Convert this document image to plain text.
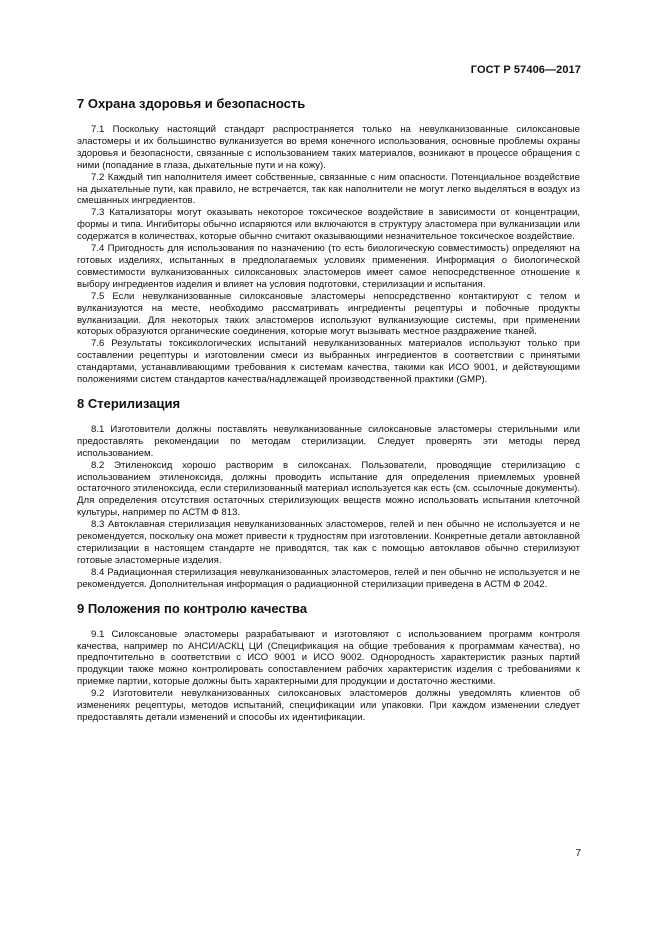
ГОСТ Р 57406—2017
7 Охрана здоровья и безопасность

7.1 Поскольку настоящий стандарт распространяется только на невулканизованные силоксановые эластомеры и их большинство вулканизуется во время конечного использования, основные проблемы охраны здоровья и безопасности, связанные с использованием таких материалов, возникают в процессе обращения с ними (попадание в глаза, дыхательные пути и на кожу).

7.2 Каждый тип наполнителя имеет собственные, связанные с ним опасности. Потенциальное воздействие на дыхательные пути, как правило, не встречается, так как наполнители не могут легко выделяться в воздух из смешанных ингредиентов.

7.3 Катализаторы могут оказывать некоторое токсическое воздействие в зависимости от концентрации, формы и типа. Ингибиторы обычно испаряются или включаются в структуру эластомера при вулканизации или содержатся в количествах, которые обычно считают оказывающими незначительное токсическое воздействие.

7.4 Пригодность для использования по назначению (то есть биологическую совместимость) определяют на готовых изделиях, испытанных в предполагаемых условиях применения. Информация о биологической совместимости вулканизованных силоксановых эластомеров имеет самое непосредственное отношение к выбору ингредиентов изделия и влияет на условия подготовки, стерилизации и испытания.

7.5 Если невулканизованные силоксановые эластомеры непосредственно контактируют с телом и вулканизуются на месте, необходимо рассматривать ингредиенты рецептуры и побочные продукты вулканизации. Для некоторых таких эластомеров используют вулканизующие системы, при применении которых образуются органические соединения, которые могут вызывать местное раздражение тканей.

7.6 Результаты токсикологических испытаний невулканизованных материалов используют только при составлении рецептуры и изготовлении смеси из выбранных ингредиентов в соответствии с принятыми стандартами, устанавливающими требования к системам качества, такими как ИСО 9001, и действующими положениями систем стандартов качества/надлежащей производственной практики (GMP).

8 Стерилизация

8.1 Изготовители должны поставлять невулканизованные силоксановые эластомеры стерильными или предоставлять рекомендации по методам стерилизации. Следует проверять эти методы перед использованием.

8.2 Этиленоксид хорошо растворим в силоксанах. Пользователи, проводящие стерилизацию с использованием этиленоксида, должны проводить испытание для определения приемлемых уровней остаточного этиленоксида, если стерилизованный материал используется как есть (см. ссылочные документы). Для определения отсутствия остаточных стерилизующих веществ можно использовать испытания клеточной культуры, например по АСТМ Ф 813.

8.3 Автоклавная стерилизация невулканизованных эластомеров, гелей и пен обычно не используется и не рекомендуется, поскольку она может привести к трудностям при изготовлении. Конкретные детали автоклавной стерилизации в настоящем стандарте не приводятся, так как с помощью автоклавов обычно стерилизуют готовые эластомерные изделия.

8.4 Радиационная стерилизация невулканизованных эластомеров, гелей и пен обычно не используется и не рекомендуется. Дополнительная информация о радиационной стерилизации приведена в АСТМ Ф 2042.

9 Положения по контролю качества

9.1 Силоксановые эластомеры разрабатывают и изготовляют с использованием программ контроля качества, например по АНСИ/АСКЦ ЦИ (Спецификация на общие требования к программам качества), но предпочтительно в соответствии с ИСО 9001 и ИСО 9002. Однородность характеристик разных партий продукции также можно контролировать сопоставлением рабочих характеристик изделия с требованиями к приемке партии, которые должны быть характерными для продукции и достаточно жесткими.

9.2 Изготовители невулканизованных силоксановых эластомеров должны уведомлять клиентов об изменениях рецептуры, методов испытаний, спецификации или упаковки. При каждом изменении следует предоставлять детали изменений и способы их идентификации.

7
